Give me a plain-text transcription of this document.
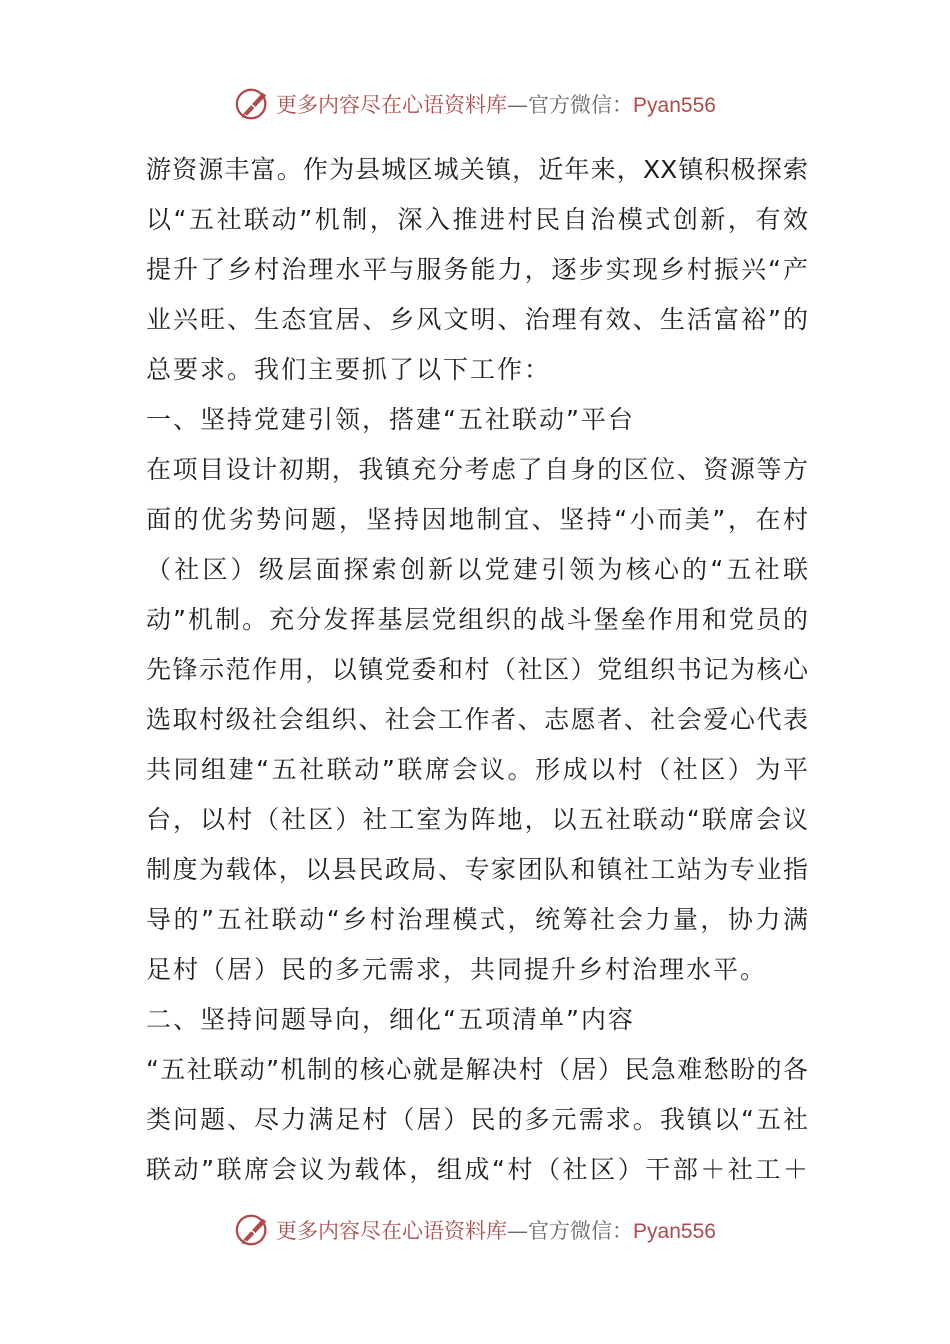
更多内容尽在心语资料库—官方微信：Pyan556
游资源丰富。作为县城区城关镇，近年来，XX镇积极探索
以“五社联动”机制，深入推进村民自治模式创新，有效
提升了乡村治理水平与服务能力，逐步实现乡村振兴“产
业兴旺、生态宜居、乡风文明、治理有效、生活富裕”的
总要求。我们主要抓了以下工作：
一、坚持党建引领，搭建“五社联动”平台
在项目设计初期，我镇充分考虑了自身的区位、资源等方
面的优劣势问题，坚持因地制宜、坚持“小而美”，在村
（社区）级层面探索创新以党建引领为核心的“五社联
动”机制。充分发挥基层党组织的战斗堡垒作用和党员的
先锋示范作用，以镇党委和村（社区）党组织书记为核心
选取村级社会组织、社会工作者、志愿者、社会爱心代表
共同组建“五社联动”联席会议。形成以村（社区）为平
台，以村（社区）社工室为阵地，以五社联动“联席会议
制度为载体，以县民政局、专家团队和镇社工站为专业指
导的”五社联动“乡村治理模式，统筹社会力量，协力满
足村（居）民的多元需求，共同提升乡村治理水平。
二、坚持问题导向，细化“五项清单”内容
“五社联动”机制的核心就是解决村（居）民急难愁盼的各
类问题、尽力满足村（居）民的多元需求。我镇以“五社
联动”联席会议为载体，组成“村（社区）干部＋社工＋
更多内容尽在心语资料库—官方微信：Pyan556
